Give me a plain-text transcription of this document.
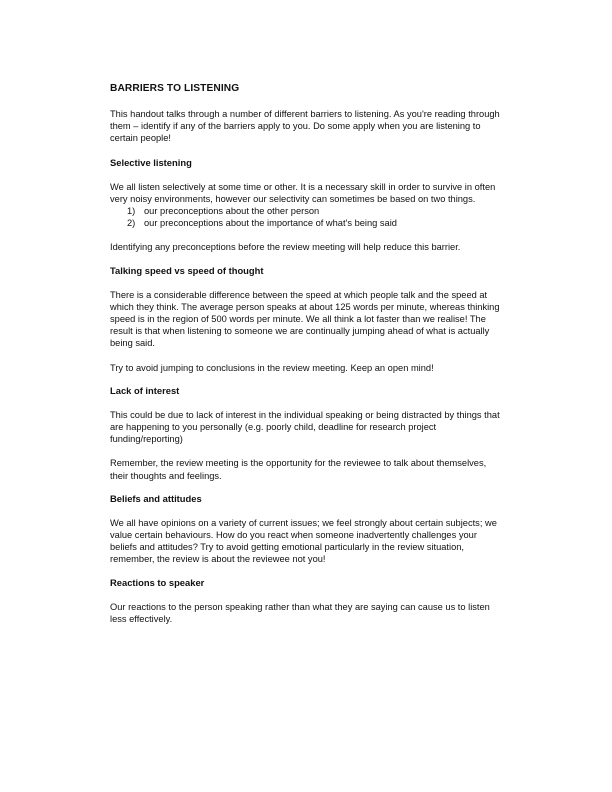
BARRIERS TO LISTENING

This handout talks through a number of different barriers to listening. As you're reading through them – identify if any of the barriers apply to you. Do some apply when you are listening to certain people!

Selective listening

We all listen selectively at some time or other. It is a necessary skill in order to survive in often very noisy environments, however our selectivity can sometimes be based on two things.

1) our preconceptions about the other person
2) our preconceptions about the importance of what's being said

Identifying any preconceptions before the review meeting will help reduce this barrier.

Talking speed vs speed of thought

There is a considerable difference between the speed at which people talk and the speed at which they think. The average person speaks at about 125 words per minute, whereas thinking speed is in the region of 500 words per minute. We all think a lot faster than we realise! The result is that when listening to someone we are continually jumping ahead of what is actually being said.

Try to avoid jumping to conclusions in the review meeting. Keep an open mind!

Lack of interest

This could be due to lack of interest in the individual speaking or being distracted by things that are happening to you personally (e.g. poorly child, deadline for research project funding/reporting)

Remember, the review meeting is the opportunity for the reviewee to talk about themselves, their thoughts and feelings.

Beliefs and attitudes

We all have opinions on a variety of current issues; we feel strongly about certain subjects; we value certain behaviours. How do you react when someone inadvertently challenges your beliefs and attitudes? Try to avoid getting emotional particularly in the review situation, remember, the review is about the reviewee not you!

Reactions to speaker

Our reactions to the person speaking rather than what they are saying can cause us to listen less effectively.
